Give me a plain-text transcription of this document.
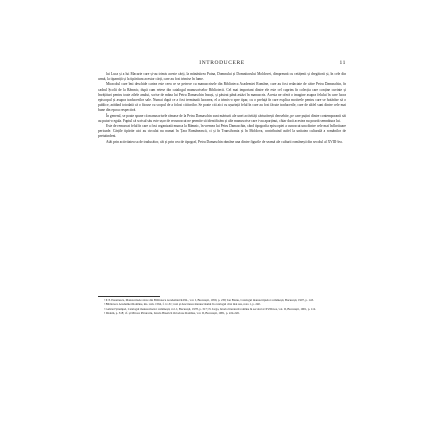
INTRODUCERE	11

lui Luca și a lui Macarie care și-au trimis aceste cărți, la mănăstirea Putna, Domnului și Domnitorului Moldovei, dimpreună cu cetățenii și dregătorii și, în cele din urmă, la tiparniță și la tipăritura acestor cărți, care au fost trimise în lume.

Miracolul care îmi deschide cartea este ceea ce se petrece cu manuscrisele din Biblioteca Academiei Române, care au fost redactate de către Petru Damaschin, în cadrul Școlii de la Râmnic, după cum reiese din catalogul manuscriselor Bibliotecii. Cel mai important dintre ele este cel cuprins în colecția care conține cuvinte și învățături pentru toate zilele anului, scrise de mâna lui Petru Damaschin însuși, și păstrat până astăzi în manuscris. Acesta ne oferă o imagine asupra felului în care lucra episcopul și asupra traducerilor sale. Numai după ce a fost terminată lucrarea, el a trimis-o spre tipar, cu o prefață în care explica motivele pentru care se hotărâse să o publice, arătând totodată că o făcuse cu scopul de a folosi cititorilor. Se poate citi aici cu ușurință felul în care au fost făcute traducerile, care de altfel sunt dintre cele mai bune din epoca respectivă.

În general, se poate spune că manuscrisele rămase de la Petru Damaschin sunt mărturii ale unei activități cărturărești deosebite, pe care puțini dintre contemporanii săi au putut-o egala. Faptul că scrisul său este ușor de recunoscut ne permite să identificăm și alte manuscrise care i-au aparținut, chiar dacă acestea nu poartă semnătura lui.

Este de remarcat felul în care a fost organizată munca la Râmnic, în vremea lui Petru Damaschin, când tipografia episcopiei a cunoscut una dintre cele mai înfloritoare perioade. Cărțile tipărite aici au circulat nu numai în Țara Românească, ci și în Transilvania și în Moldova, contribuind astfel la unitatea culturală a românilor de pretutindeni.

Atât prin activitatea sa de traducător, cât și prin cea de tipograf, Petru Damaschin rămâne una dintre figurile de seamă ale culturii românești din secolul al XVIII-lea.

¹ P. P. Panaitescu, Manuscrisele slave din Biblioteca Academiei R.P.R., vol. I, București, 1959, p. 239; Ion Bianu, Catalogul manuscriptelor românești, București, 1907, p. 143.

² Biblioteca Academiei Române, ms. rom. 1564, f. 1r-3v; vezi și descrierea manuscrisului în catalogul citat mai sus, nota 1, p. 240.

³ Gabriel Ștrempel, Catalogul manuscriselor românești, vol. I, București, 1978, p. 317; N. Iorga, Istoria literaturii române în secolul al XVIII-lea, vol. II, București, 1901, p. 112.

⁴ Ibidem, p. 318; cf. și Mircea Păcurariu, Istoria Bisericii Ortodoxe Române, vol. II, București, 1981, p. 224-226.
